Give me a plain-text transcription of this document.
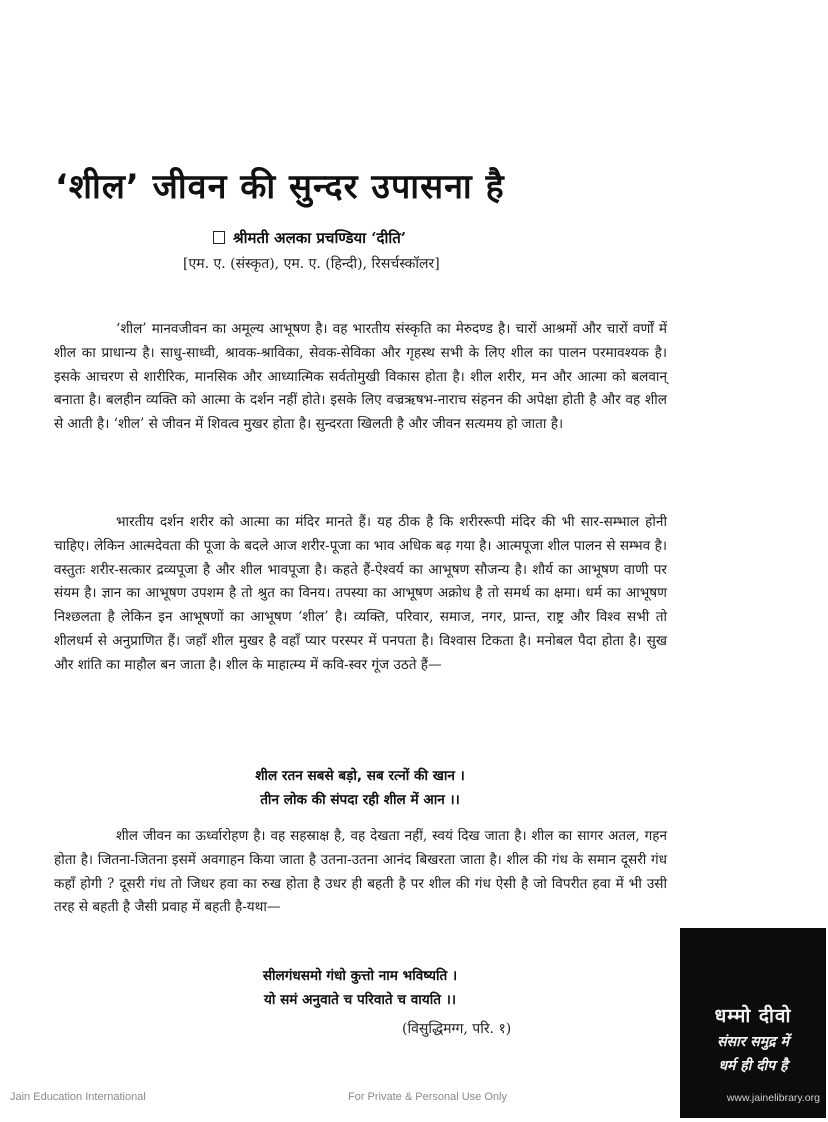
‘शील’ जीवन की सुन्दर उपासना है
श्रीमती अलका प्रचण्डिया ‘दीति’
[एम. ए. (संस्कृत), एम. ए. (हिन्दी), रिसर्चस्कॉलर]
‘शील’ मानवजीवन का अमूल्य आभूषण है। वह भारतीय संस्कृति का मेरुदण्ड है। चारों आश्रमों और चारों वर्णों में शील का प्राधान्य है। साधु-साध्वी, श्रावक-श्राविका, सेवक-सेविका और गृहस्थ सभी के लिए शील का पालन परमावश्यक है। इसके आचरण से शारीरिक, मानसिक और आध्यात्मिक सर्वतोमुखी विकास होता है। शील शरीर, मन और आत्मा को बलवान् बनाता है। बलहीन व्यक्ति को आत्मा के दर्शन नहीं होते। इसके लिए वज्रऋषभ-नाराच संहनन की अपेक्षा होती है और वह शील से आती है। ‘शील’ से जीवन में शिवत्व मुखर होता है। सुन्दरता खिलती है और जीवन सत्यमय हो जाता है।
भारतीय दर्शन शरीर को आत्मा का मंदिर मानते हैं। यह ठीक है कि शरीररूपी मंदिर की भी सार-सम्भाल होनी चाहिए। लेकिन आत्मदेवता की पूजा के बदले आज शरीर-पूजा का भाव अधिक बढ़ गया है। आत्मपूजा शील पालन से सम्भव है। वस्तुतः शरीर-सत्कार द्रव्यपूजा है और शील भावपूजा है। कहते हैं-ऐश्वर्य का आभूषण सौजन्य है। शौर्य का आभूषण वाणी पर संयम है। ज्ञान का आभूषण उपशम है तो श्रुत का विनय। तपस्या का आभूषण अक्रोध है तो समर्थ का क्षमा। धर्म का आभूषण निश्छलता है लेकिन इन आभूषणों का आभूषण ‘शील’ है। व्यक्ति, परिवार, समाज, नगर, प्रान्त, राष्ट्र और विश्व सभी तो शीलधर्म से अनुप्राणित हैं। जहाँ शील मुखर है वहाँ प्यार परस्पर में पनपता है। विश्वास टिकता है। मनोबल पैदा होता है। सुख और शांति का माहौल बन जाता है। शील के माहात्म्य में कवि-स्वर गूंज उठते हैं—
शील रतन सबसे बड़ो, सब रत्नों की खान ।
तीन लोक की संपदा रही शील में आन ।।
शील जीवन का ऊर्ध्वारोहण है। वह सहस्राक्ष है, वह देखता नहीं, स्वयं दिख जाता है। शील का सागर अतल, गहन होता है। जितना-जितना इसमें अवगाहन किया जाता है उतना-उतना आनंद बिखरता जाता है। शील की गंध के समान दूसरी गंध कहाँ होगी ? दूसरी गंध तो जिधर हवा का रुख होता है उधर ही बहती है पर शील की गंध ऐसी है जो विपरीत हवा में भी उसी तरह से बहती है जैसी प्रवाह में बहती है-यथा—
सीलगंधसमो गंधो कुत्तो नाम भविष्यति ।
यो समं अनुवाते च परिवाते च वायति ।।
(विसुद्धिमग्ग, परि. १)
Jain Education International	For Private & Personal Use Only
धम्मो दीवो
संसार समुद्र में
धर्म ही दीप है
www.jainelibrary.org
